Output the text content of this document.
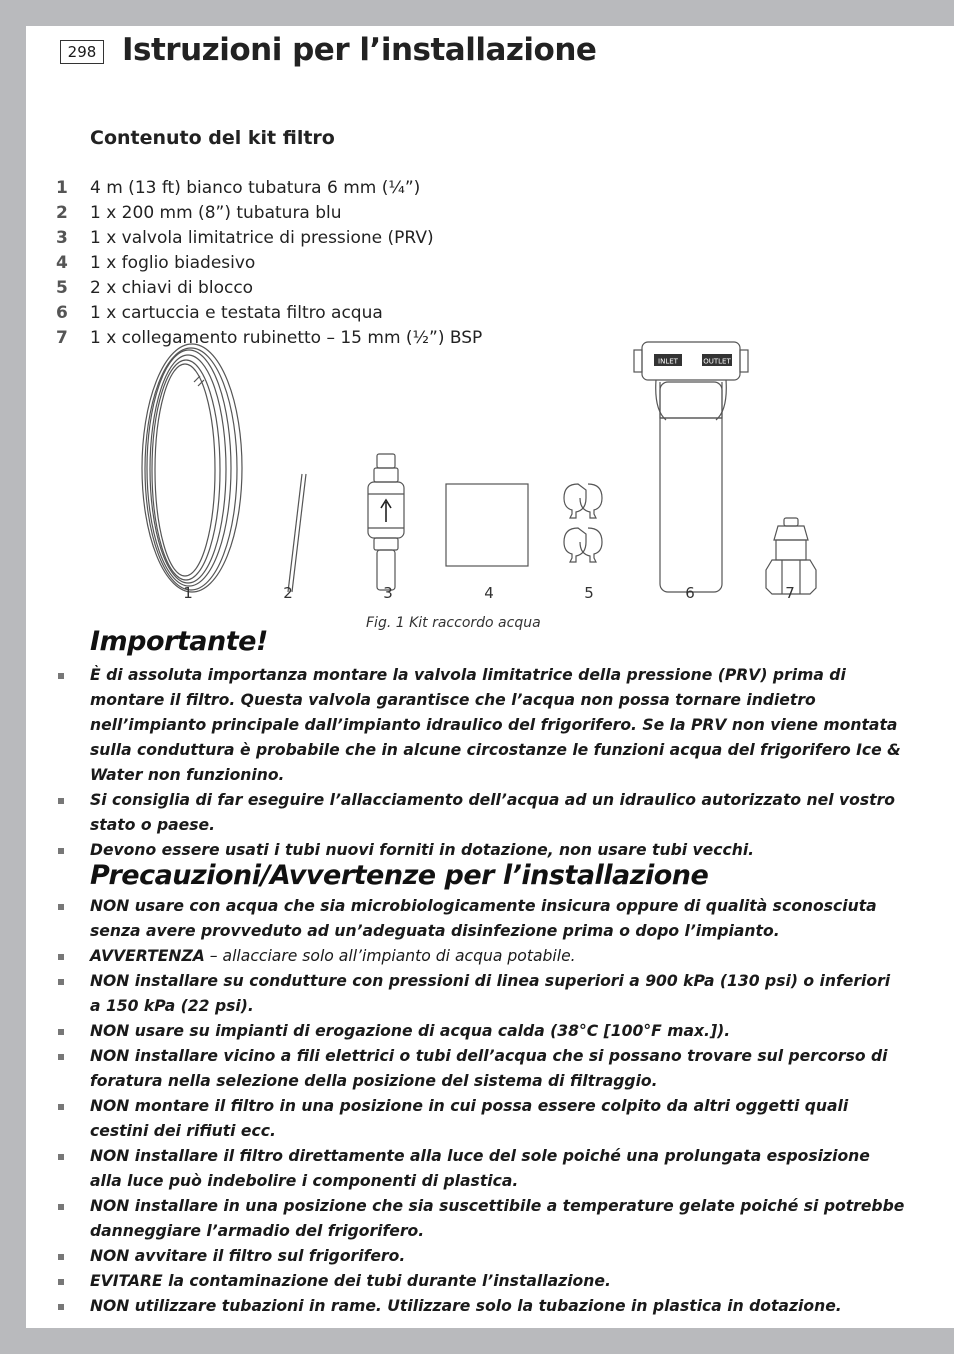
298 Istruzioni per l’installazione
Contenuto del kit filtro
1 4 m (13 ft) bianco tubatura 6 mm (¼”)
2 1 x 200 mm (8”) tubatura blu
3 1 x valvola limitatrice di pressione (PRV)
4 1 x foglio biadesivo
5 2 x chiavi di blocco
6 1 x cartuccia e testata filtro acqua
7 1 x collegamento rubinetto – 15 mm (½”) BSP
INLET	OUTLET
1	2	3	4	5	6	7
Fig. 1 Kit raccordo acqua
Importante!
È di assoluta importanza montare la valvola limitatrice della pressione (PRV) prima di montare il filtro. Questa valvola garantisce che l’acqua non possa tornare indietro nell’impianto principale dall’impianto idraulico del frigorifero. Se la PRV non viene montata sulla conduttura è probabile che in alcune circostanze le funzioni acqua del frigorifero Ice & Water non funzionino.
Si consiglia di far eseguire l’allacciamento dell’acqua ad un idraulico autorizzato nel vostro stato o paese.
Devono essere usati i tubi nuovi forniti in dotazione, non usare tubi vecchi.
Precauzioni/Avvertenze per l’installazione
NON usare con acqua che sia microbiologicamente insicura oppure di qualità sconosciuta senza avere provveduto ad un’adeguata disinfezione prima o dopo l’impianto.
AVVERTENZA – allacciare solo all’impianto di acqua potabile.
NON installare su condutture con pressioni di linea superiori a 900 kPa (130 psi) o inferiori a 150 kPa (22 psi).
NON usare su impianti di erogazione di acqua calda (38°C [100°F max.]).
NON installare vicino a fili elettrici o tubi dell’acqua che si possano trovare sul percorso di foratura nella selezione della posizione del sistema di filtraggio.
NON montare il filtro in una posizione in cui possa essere colpito da altri oggetti quali cestini dei rifiuti ecc.
NON installare il filtro direttamente alla luce del sole poiché una prolungata esposizione alla luce può indebolire i componenti di plastica.
NON installare in una posizione che sia suscettibile a temperature gelate poiché si potrebbe danneggiare l’armadio del frigorifero.
NON avvitare il filtro sul frigorifero.
EVITARE la contaminazione dei tubi durante l’installazione.
NON utilizzare tubazioni in rame. Utilizzare solo la tubazione in plastica in dotazione.
